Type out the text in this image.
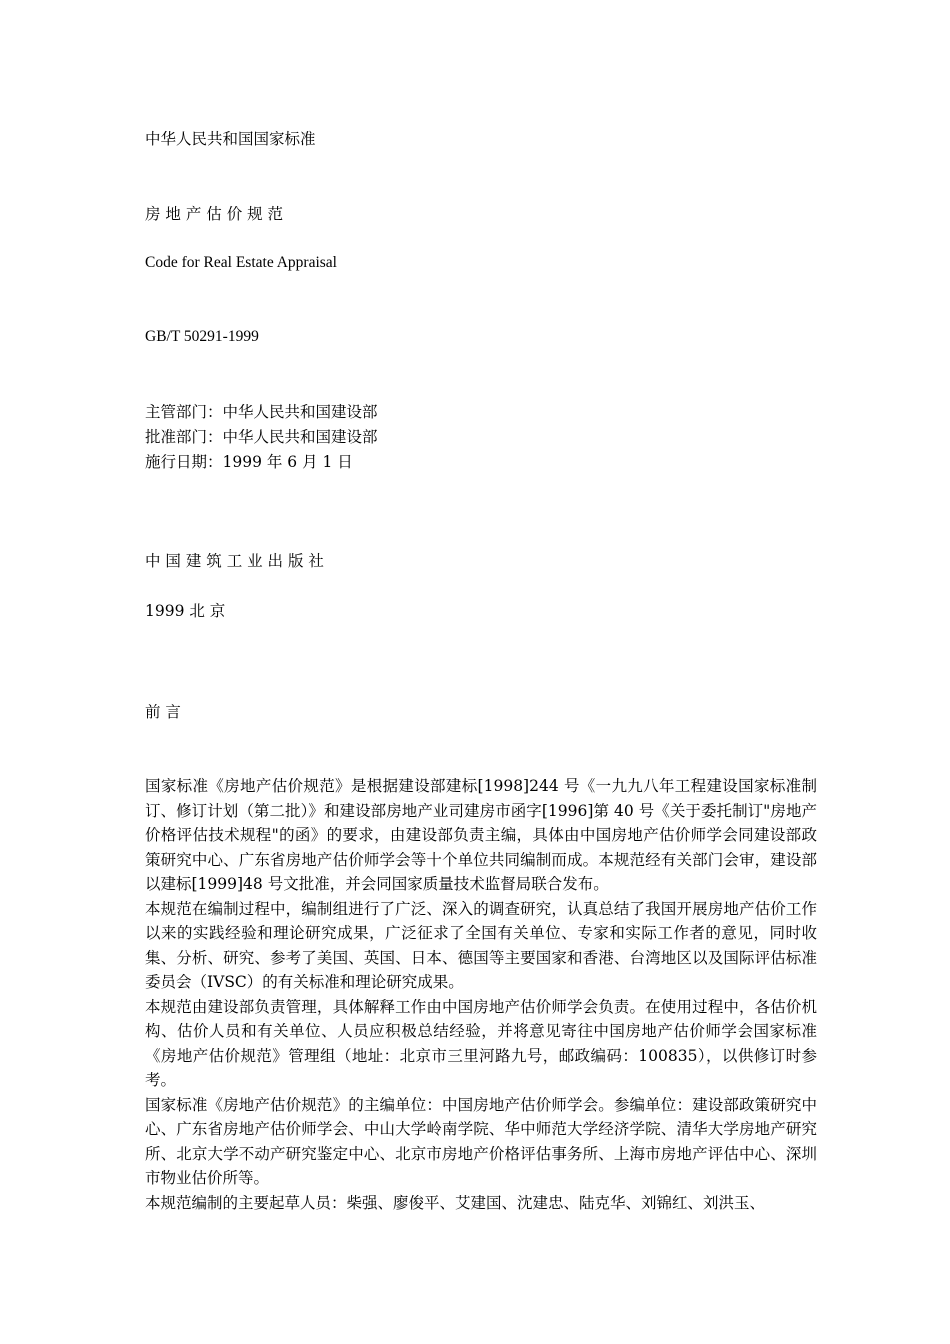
中华人民共和国国家标准
房 地 产 估 价 规 范
Code for Real Estate Appraisal
GB/T 50291-1999
主管部门：中华人民共和国建设部
批准部门：中华人民共和国建设部
施行日期：1999 年 6 月 1 日
中 国 建 筑 工 业 出 版 社
1999 北 京
前 言

国家标准《房地产估价规范》是根据建设部建标[1998]244 号《一九九八年工程建设国家标准制订、修订计划（第二批）》和建设部房地产业司建房市函字[1996]第 40 号《关于委托制订"房地产价格评估技术规程"的函》的要求，由建设部负责主编，具体由中国房地产估价师学会同建设部政策研究中心、广东省房地产估价师学会等十个单位共同编制而成。本规范经有关部门会审，建设部以建标[1999]48 号文批准，并会同国家质量技术监督局联合发布。

本规范在编制过程中，编制组进行了广泛、深入的调查研究，认真总结了我国开展房地产估价工作以来的实践经验和理论研究成果，广泛征求了全国有关单位、专家和实际工作者的意见，同时收集、分析、研究、参考了美国、英国、日本、德国等主要国家和香港、台湾地区以及国际评估标准委员会（IVSC）的有关标准和理论研究成果。

本规范由建设部负责管理，具体解释工作由中国房地产估价师学会负责。在使用过程中，各估价机构、估价人员和有关单位、人员应积极总结经验，并将意见寄往中国房地产估价师学会国家标准《房地产估价规范》管理组（地址：北京市三里河路九号，邮政编码：100835），以供修订时参考。

国家标准《房地产估价规范》的主编单位：中国房地产估价师学会。参编单位：建设部政策研究中心、广东省房地产估价师学会、中山大学岭南学院、华中师范大学经济学院、清华大学房地产研究所、北京大学不动产研究鉴定中心、北京市房地产价格评估事务所、上海市房地产评估中心、深圳市物业估价所等。

本规范编制的主要起草人员：柴强、廖俊平、艾建国、沈建忠、陆克华、刘锦红、刘洪玉、
